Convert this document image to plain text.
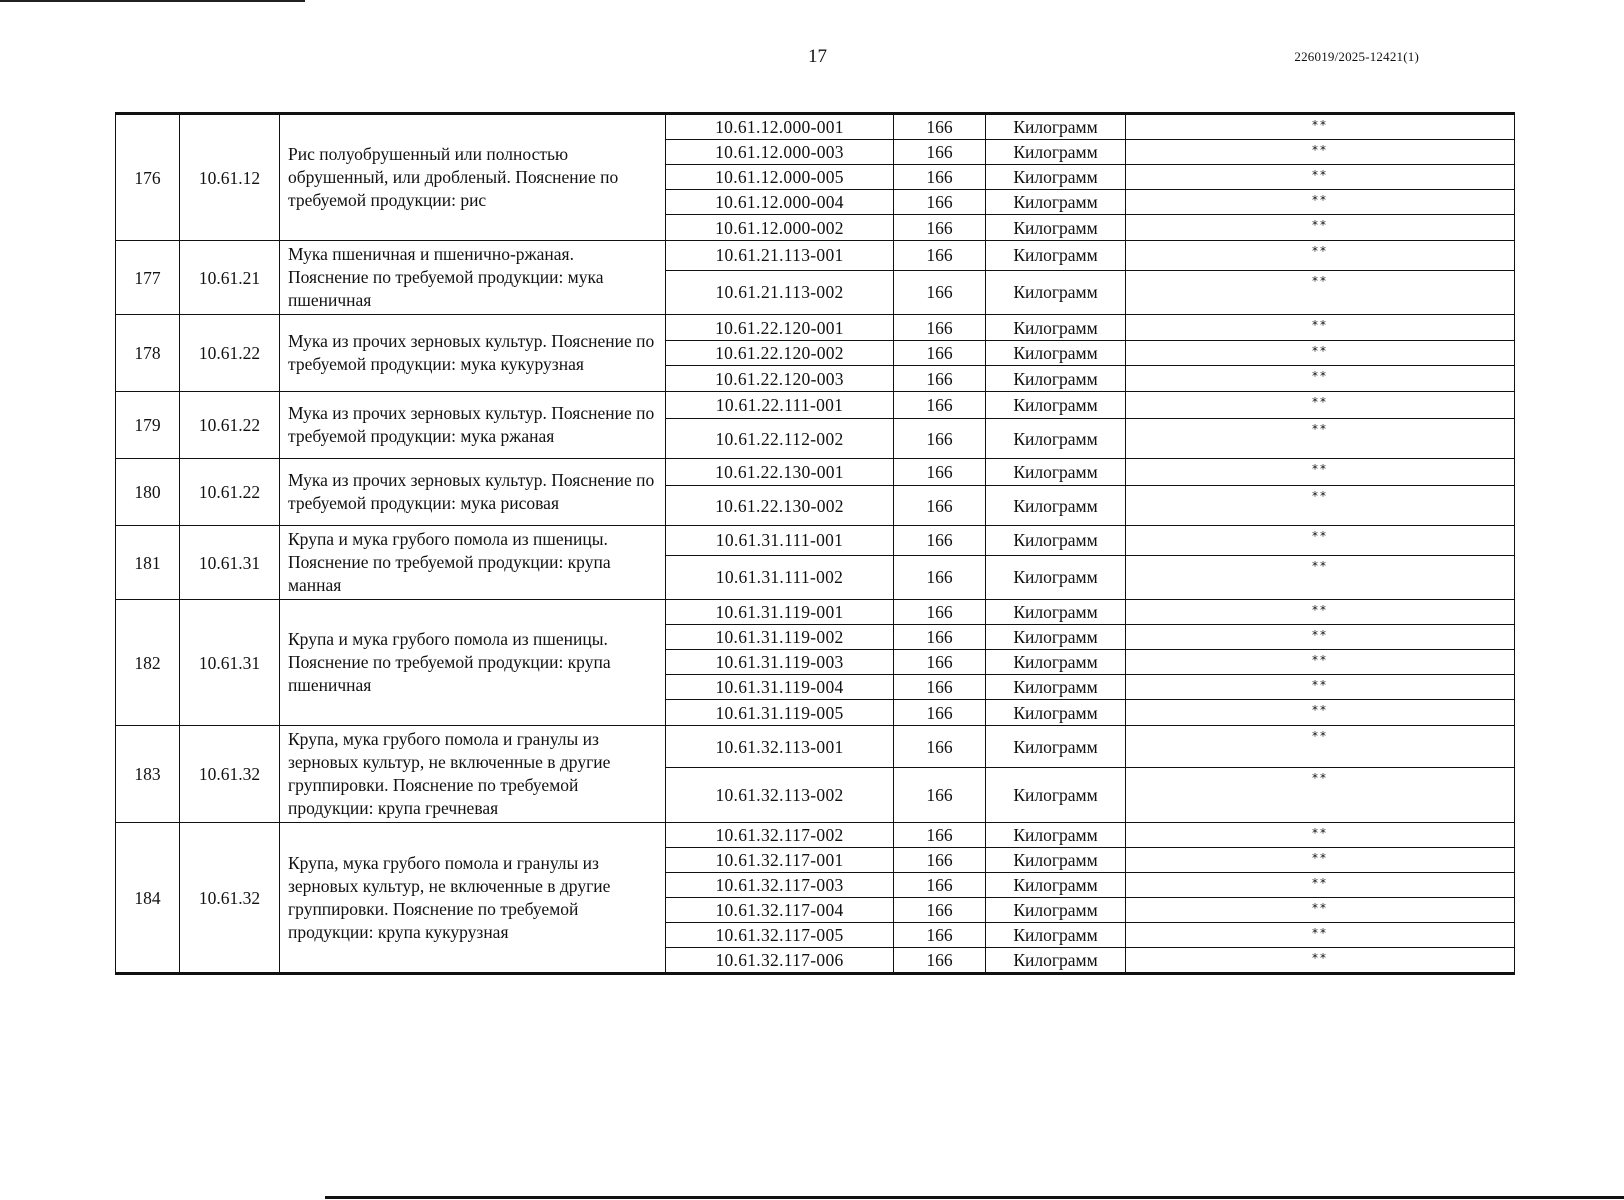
17	226019/2025-12421(1)
176	10.61.12	Рис полуобрушенный или полностью обрушенный, или дробленый. Пояснение по требуемой продукции: рис	10.61.12.000-001	166	Килограмм	**
			10.61.12.000-003	166	Килограмм	**
			10.61.12.000-005	166	Килограмм	**
			10.61.12.000-004	166	Килограмм	**
			10.61.12.000-002	166	Килограмм	**
177	10.61.21	Мука пшеничная и пшенично-ржаная. Пояснение по требуемой продукции: мука пшеничная	10.61.21.113-001	166	Килограмм	**
			10.61.21.113-002	166	Килограмм	**
178	10.61.22	Мука из прочих зерновых культур. Пояснение по требуемой продукции: мука кукурузная	10.61.22.120-001	166	Килограмм	**
			10.61.22.120-002	166	Килограмм	**
			10.61.22.120-003	166	Килограмм	**
179	10.61.22	Мука из прочих зерновых культур. Пояснение по требуемой продукции: мука ржаная	10.61.22.111-001	166	Килограмм	**
			10.61.22.112-002	166	Килограмм	**
180	10.61.22	Мука из прочих зерновых культур. Пояснение по требуемой продукции: мука рисовая	10.61.22.130-001	166	Килограмм	**
			10.61.22.130-002	166	Килограмм	**
181	10.61.31	Крупа и мука грубого помола из пшеницы. Пояснение по требуемой продукции: крупа манная	10.61.31.111-001	166	Килограмм	**
			10.61.31.111-002	166	Килограмм	**
182	10.61.31	Крупа и мука грубого помола из пшеницы. Пояснение по требуемой продукции: крупа пшеничная	10.61.31.119-001	166	Килограмм	**
			10.61.31.119-002	166	Килограмм	**
			10.61.31.119-003	166	Килограмм	**
			10.61.31.119-004	166	Килограмм	**
			10.61.31.119-005	166	Килограмм	**
183	10.61.32	Крупа, мука грубого помола и гранулы из зерновых культур, не включенные в другие группировки. Пояснение по требуемой продукции: крупа гречневая	10.61.32.113-001	166	Килограмм	**
			10.61.32.113-002	166	Килограмм	**
184	10.61.32	Крупа, мука грубого помола и гранулы из зерновых культур, не включенные в другие группировки. Пояснение по требуемой продукции: крупа кукурузная	10.61.32.117-002	166	Килограмм	**
			10.61.32.117-001	166	Килограмм	**
			10.61.32.117-003	166	Килограмм	**
			10.61.32.117-004	166	Килограмм	**
			10.61.32.117-005	166	Килограмм	**
			10.61.32.117-006	166	Килограмм	**
